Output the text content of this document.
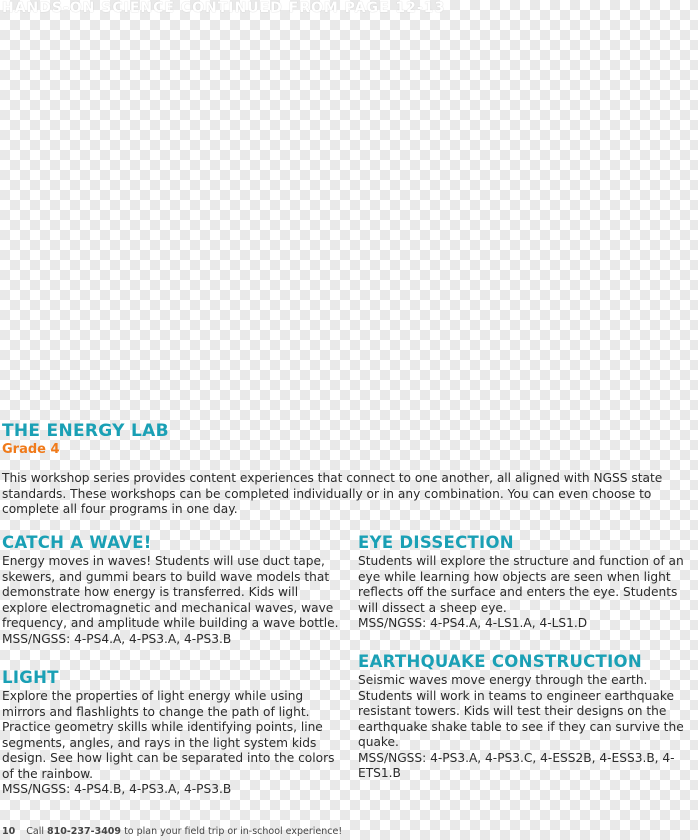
HANDS-ON SCIENCE CONTINUED FROM PAGE 12-13
THE ENERGY LAB
Grade 4

This workshop series provides content experiences that connect to one another, all aligned with NGSS state standards. These workshops can be completed individually or in any combination. You can even choose to complete all four programs in one day.

CATCH A WAVE!

Energy moves in waves! Students will use duct tape, skewers, and gummi bears to build wave models that demonstrate how energy is transferred. Kids will explore electromagnetic and mechanical waves, wave frequency, and amplitude while building a wave bottle.

MSS/NGSS: 4-PS4.A, 4-PS3.A, 4-PS3.B

LIGHT

Explore the properties of light energy while using mirrors and flashlights to change the path of light. Practice geometry skills while identifying points, line segments, angles, and rays in the light system kids design. See how light can be separated into the colors of the rainbow.

MSS/NGSS: 4-PS4.B, 4-PS3.A, 4-PS3.B

EYE DISSECTION

Students will explore the structure and function of an eye while learning how objects are seen when light reflects off the surface and enters the eye. Students will dissect a sheep eye.

MSS/NGSS: 4-PS4.A, 4-LS1.A, 4-LS1.D

EARTHQUAKE CONSTRUCTION

Seismic waves move energy through the earth. Students will work in teams to engineer earthquake resistant towers. Kids will test their designs on the earthquake shake table to see if they can survive the quake.

MSS/NGSS: 4-PS3.A, 4-PS3.C, 4-ESS2B, 4-ESS3.B, 4-ETS1.B

10 Call 810-237-3409 to plan your field trip or in-school experience!
